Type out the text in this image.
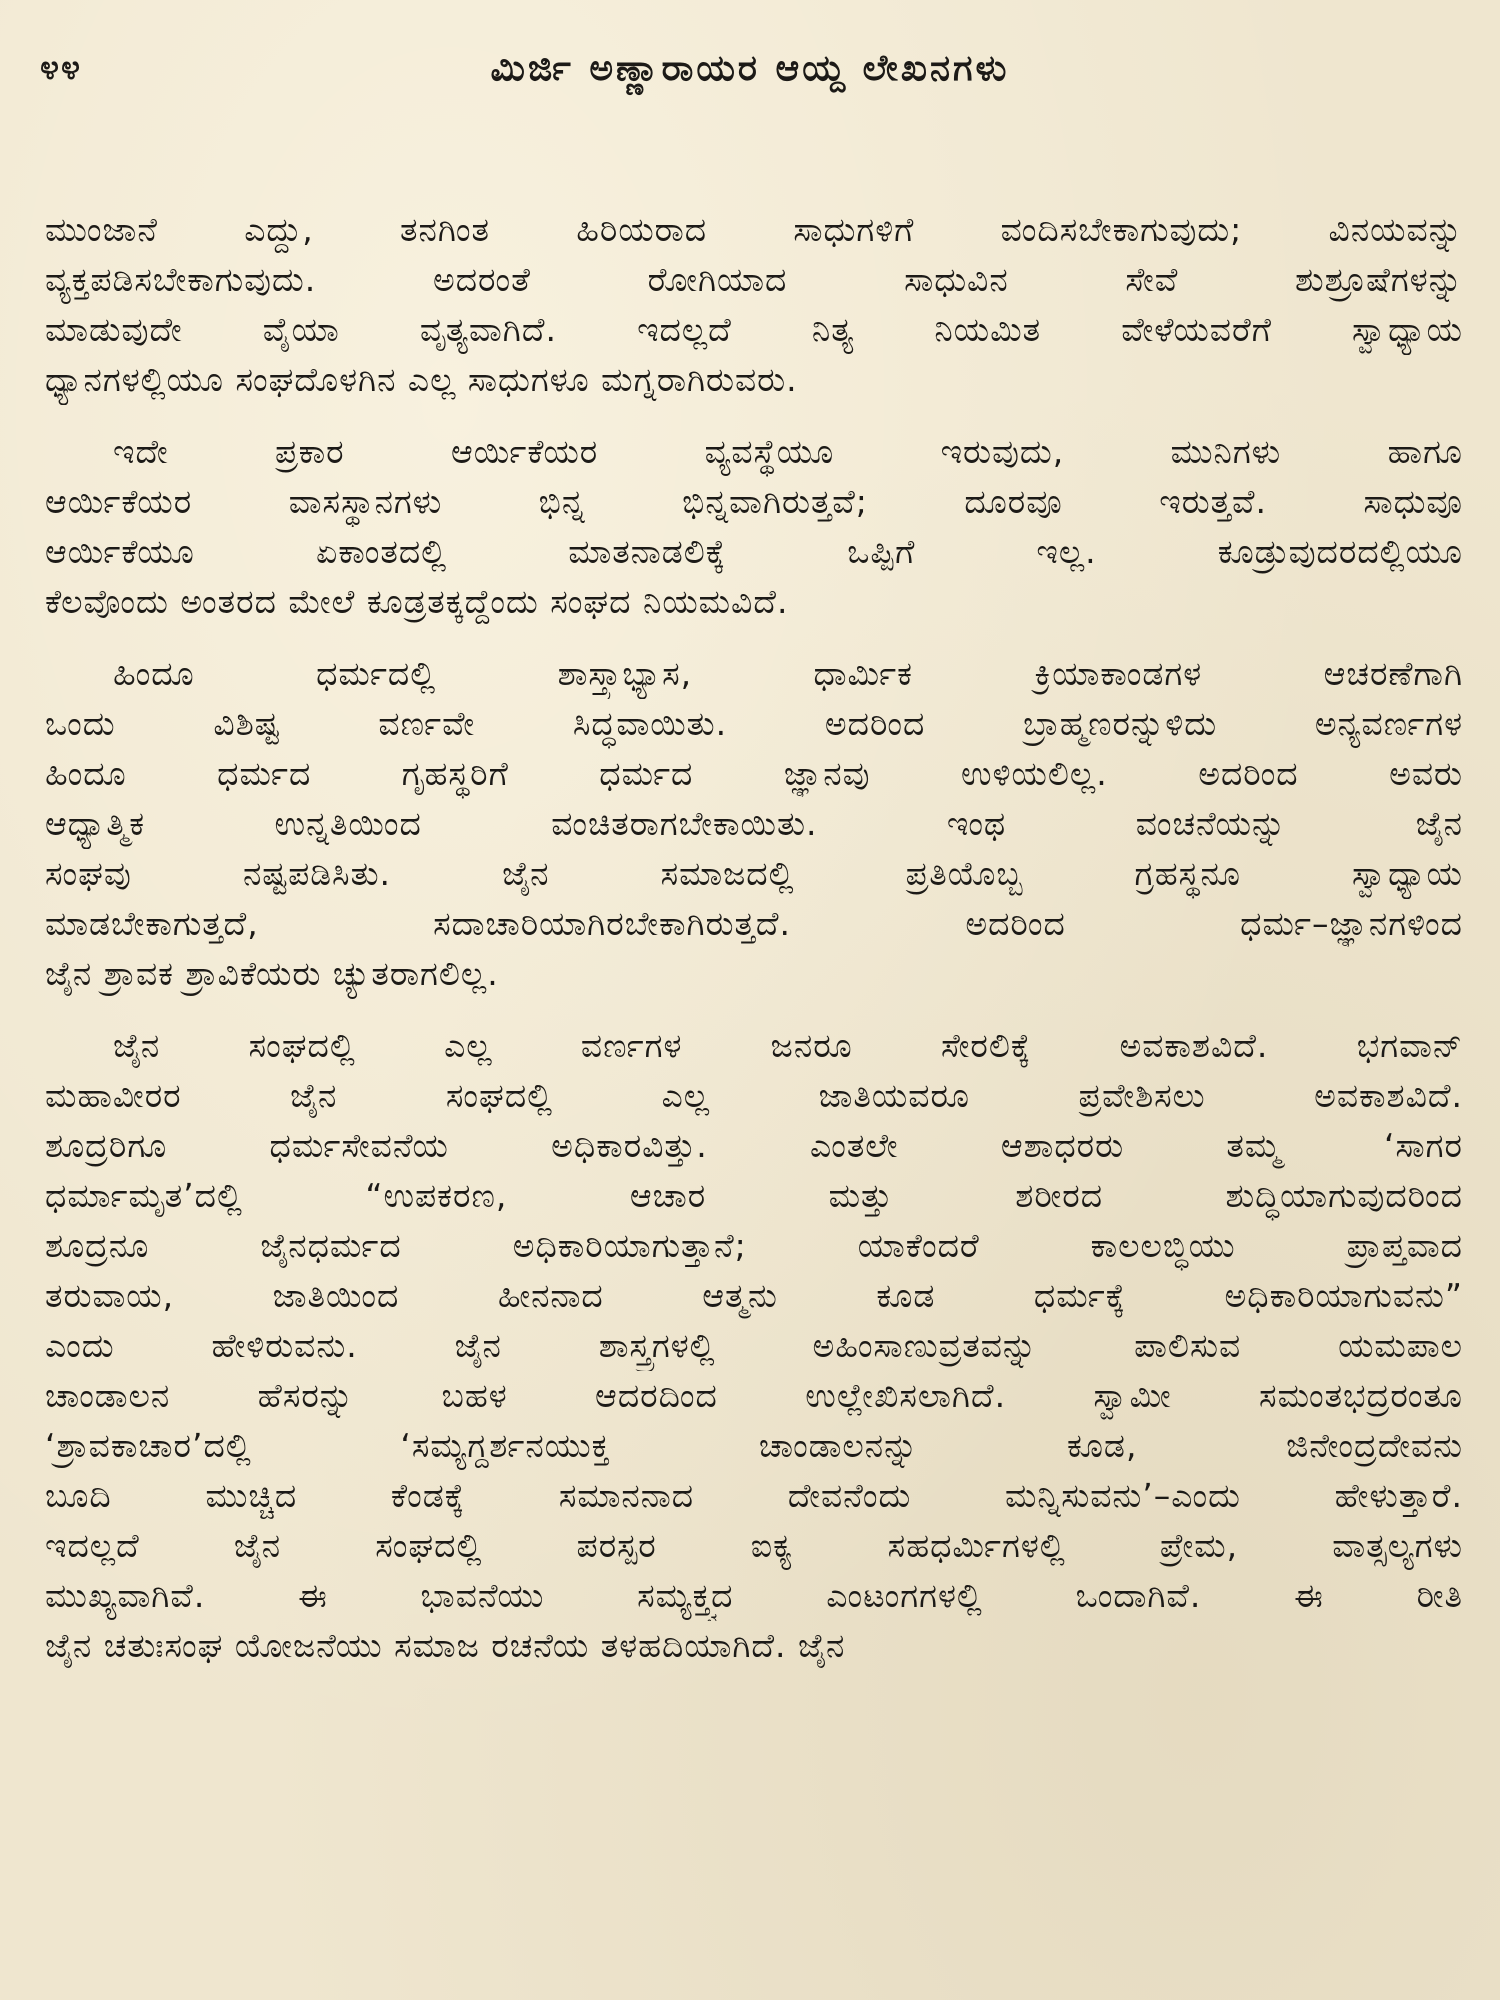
೪೪	ಮಿರ್ಜಿ ಅಣ್ಣಾರಾಯರ ಆಯ್ದ ಲೇಖನಗಳು
ಮುಂಜಾನೆ ಎದ್ದು, ತನಗಿಂತ ಹಿರಿಯರಾದ ಸಾಧುಗಳಿಗೆ ವಂದಿಸಬೇಕಾಗುವುದು; ವಿನಯವನ್ನು
ವ್ಯಕ್ತಪಡಿಸಬೇಕಾಗುವುದು. ಅದರಂತೆ ರೋಗಿಯಾದ ಸಾಧುವಿನ ಸೇವೆ ಶುಶ್ರೂಷೆಗಳನ್ನು
ಮಾಡುವುದೇ ವೈಯಾ ವೃತ್ಯವಾಗಿದೆ. ಇದಲ್ಲದೆ ನಿತ್ಯ ನಿಯಮಿತ ವೇಳೆಯವರೆಗೆ ಸ್ವಾಧ್ಯಾಯ
ಧ್ಯಾನಗಳಲ್ಲಿಯೂ ಸಂಘದೊಳಗಿನ ಎಲ್ಲ ಸಾಧುಗಳೂ ಮಗ್ನರಾಗಿರುವರು.
ಇದೇ ಪ್ರಕಾರ ಆರ್ಯಿಕೆಯರ ವ್ಯವಸ್ಥೆಯೂ ಇರುವುದು, ಮುನಿಗಳು ಹಾಗೂ
ಆರ್ಯಿಕೆಯರ ವಾಸಸ್ಥಾನಗಳು ಭಿನ್ನ ಭಿನ್ನವಾಗಿರುತ್ತವೆ; ದೂರವೂ ಇರುತ್ತವೆ. ಸಾಧುವೂ
ಆರ್ಯಿಕೆಯೂ ಏಕಾಂತದಲ್ಲಿ ಮಾತನಾಡಲಿಕ್ಕೆ ಒಪ್ಪಿಗೆ ಇಲ್ಲ. ಕೂಡ್ರುವುದರದಲ್ಲಿಯೂ
ಕೆಲವೊಂದು ಅಂತರದ ಮೇಲೆ ಕೂಡ್ರತಕ್ಕದ್ದೆಂದು ಸಂಘದ ನಿಯಮವಿದೆ.
ಹಿಂದೂ ಧರ್ಮದಲ್ಲಿ ಶಾಸ್ತ್ರಾಭ್ಯಾಸ, ಧಾರ್ಮಿಕ ಕ್ರಿಯಾಕಾಂಡಗಳ ಆಚರಣೆಗಾಗಿ
ಒಂದು ವಿಶಿಷ್ಟ ವರ್ಣವೇ ಸಿದ್ಧವಾಯಿತು. ಅದರಿಂದ ಬ್ರಾಹ್ಮಣರನ್ನುಳಿದು ಅನ್ಯವರ್ಣಗಳ
ಹಿಂದೂ ಧರ್ಮದ ಗೃಹಸ್ಥರಿಗೆ ಧರ್ಮದ ಜ್ಞಾನವು ಉಳಿಯಲಿಲ್ಲ. ಅದರಿಂದ ಅವರು
ಆಧ್ಯಾತ್ಮಿಕ ಉನ್ನತಿಯಿಂದ ವಂಚಿತರಾಗಬೇಕಾಯಿತು. ಇಂಥ ವಂಚನೆಯನ್ನು ಜೈನ
ಸಂಘವು ನಷ್ಟಪಡಿಸಿತು. ಜೈನ ಸಮಾಜದಲ್ಲಿ ಪ್ರತಿಯೊಬ್ಬ ಗ್ರಹಸ್ಥನೂ ಸ್ವಾಧ್ಯಾಯ
ಮಾಡಬೇಕಾಗುತ್ತದೆ, ಸದಾಚಾರಿಯಾಗಿರಬೇಕಾಗಿರುತ್ತದೆ. ಅದರಿಂದ ಧರ್ಮ–ಜ್ಞಾನಗಳಿಂದ
ಜೈನ ಶ್ರಾವಕ ಶ್ರಾವಿಕೆಯರು ಚ್ಯುತರಾಗಲಿಲ್ಲ.
ಜೈನ ಸಂಘದಲ್ಲಿ ಎಲ್ಲ ವರ್ಣಗಳ ಜನರೂ ಸೇರಲಿಕ್ಕೆ ಅವಕಾಶವಿದೆ. ಭಗವಾನ್
ಮಹಾವೀರರ ಜೈನ ಸಂಘದಲ್ಲಿ ಎಲ್ಲ ಜಾತಿಯವರೂ ಪ್ರವೇಶಿಸಲು ಅವಕಾಶವಿದೆ.
ಶೂದ್ರರಿಗೂ ಧರ್ಮಸೇವನೆಯ ಅಧಿಕಾರವಿತ್ತು. ಎಂತಲೇ ಆಶಾಧರರು ತಮ್ಮ ‘ಸಾಗರ
ಧರ್ಮಾಮೃತ’ದಲ್ಲಿ “ಉಪಕರಣ, ಆಚಾರ ಮತ್ತು ಶರೀರದ ಶುದ್ಧಿಯಾಗುವುದರಿಂದ
ಶೂದ್ರನೂ ಜೈನಧರ್ಮದ ಅಧಿಕಾರಿಯಾಗುತ್ತಾನೆ; ಯಾಕೆಂದರೆ ಕಾಲಲಬ್ಧಿಯು ಪ್ರಾಪ್ತವಾದ
ತರುವಾಯ, ಜಾತಿಯಿಂದ ಹೀನನಾದ ಆತ್ಮನು ಕೂಡ ಧರ್ಮಕ್ಕೆ ಅಧಿಕಾರಿಯಾಗುವನು”
ಎಂದು ಹೇಳಿರುವನು. ಜೈನ ಶಾಸ್ತ್ರಗಳಲ್ಲಿ ಅಹಿಂಸಾಣುವ್ರತವನ್ನು ಪಾಲಿಸುವ ಯಮಪಾಲ
ಚಾಂಡಾಲನ ಹೆಸರನ್ನು ಬಹಳ ಆದರದಿಂದ ಉಲ್ಲೇಖಿಸಲಾಗಿದೆ. ಸ್ವಾಮೀ ಸಮಂತಭದ್ರರಂತೂ
‘ಶ್ರಾವಕಾಚಾರ’ದಲ್ಲಿ ‘ಸಮ್ಯಗ್ದರ್ಶನಯುಕ್ತ ಚಾಂಡಾಲನನ್ನು ಕೂಡ, ಜಿನೇಂದ್ರದೇವನು
ಬೂದಿ ಮುಚ್ಚಿದ ಕೆಂಡಕ್ಕೆ ಸಮಾನನಾದ ದೇವನೆಂದು ಮನ್ನಿಸುವನು’–ಎಂದು ಹೇಳುತ್ತಾರೆ.
ಇದಲ್ಲದೆ ಜೈನ ಸಂಘದಲ್ಲಿ ಪರಸ್ಪರ ಐಕ್ಯ ಸಹಧರ್ಮಿಗಳಲ್ಲಿ ಪ್ರೇಮ, ವಾತ್ಸಲ್ಯಗಳು
ಮುಖ್ಯವಾಗಿವೆ. ಈ ಭಾವನೆಯು ಸಮ್ಯಕ್ತ್ವದ ಎಂಟಂಗಗಳಲ್ಲಿ ಒಂದಾಗಿವೆ. ಈ ರೀತಿ
ಜೈನ ಚತುಃಸಂಘ ಯೋಜನೆಯು ಸಮಾಜ ರಚನೆಯ ತಳಹದಿಯಾಗಿದೆ. ಜೈನ
